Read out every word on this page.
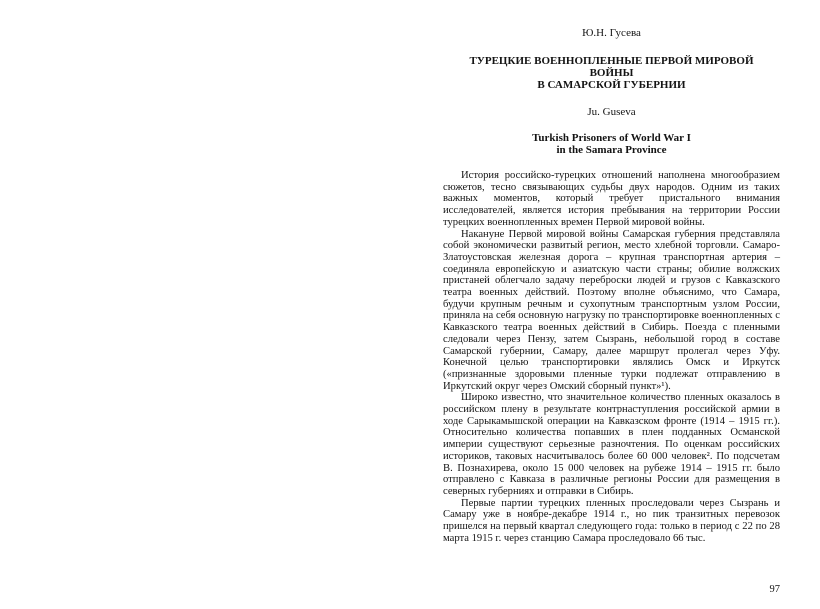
Ю.Н. Гусева
ТУРЕЦКИЕ ВОЕННОПЛЕННЫЕ ПЕРВОЙ МИРОВОЙ
ВОЙНЫ
В САМАРСКОЙ ГУБЕРНИИ
Ju. Guseva
Turkish Prisoners of World War I
in the Samara Province

История российско-турецких отношений наполнена многообразием сюжетов, тесно связывающих судьбы двух народов. Одним из таких важных моментов, который требует пристального внимания исследователей, является история пребывания на территории России турецких военнопленных времен Первой мировой войны.

Накануне Первой мировой войны Самарская губерния представляла собой экономически развитый регион, место хлебной торговли. Самаро-Златоустовская железная дорога – крупная транспортная артерия – соединяла европейскую и азиатскую части страны; обилие волжских пристаней облегчало задачу переброски людей и грузов с Кавказского театра военных действий. Поэтому вполне объяснимо, что Самара, будучи крупным речным и сухопутным транспортным узлом России, приняла на себя основную нагрузку по транспортировке военнопленных с Кавказского театра военных действий в Сибирь. Поезда с пленными следовали через Пензу, затем Сызрань, небольшой город в составе Самарской губернии, Самару, далее маршрут пролегал через Уфу. Конечной целью транспортировки являлись Омск и Иркутск («признанные здоровыми пленные турки подлежат отправлению в Иркутский округ через Омский сборный пункт»¹).

Широко известно, что значительное количество пленных оказалось в российском плену в результате контрнаступления российской армии в ходе Сарыкамышской операции на Кавказском фронте (1914 – 1915 гг.). Относительно количества попавших в плен подданных Османской империи существуют серьезные разночтения. По оценкам российских историков, таковых насчитывалось более 60 000 человек². По подсчетам В. Познахирева, около 15 000 человек на рубеже 1914 – 1915 гг. было отправлено с Кавказа в различные регионы России для размещения в северных губерниях и отправки в Сибирь.

Первые партии турецких пленных проследовали через Сызрань и Самару уже в ноябре-декабре 1914 г., но пик транзитных перевозок пришелся на первый квартал следующего года: только в период с 22 по 28 марта 1915 г. через станцию Самара проследовало 66 тыс.

97
